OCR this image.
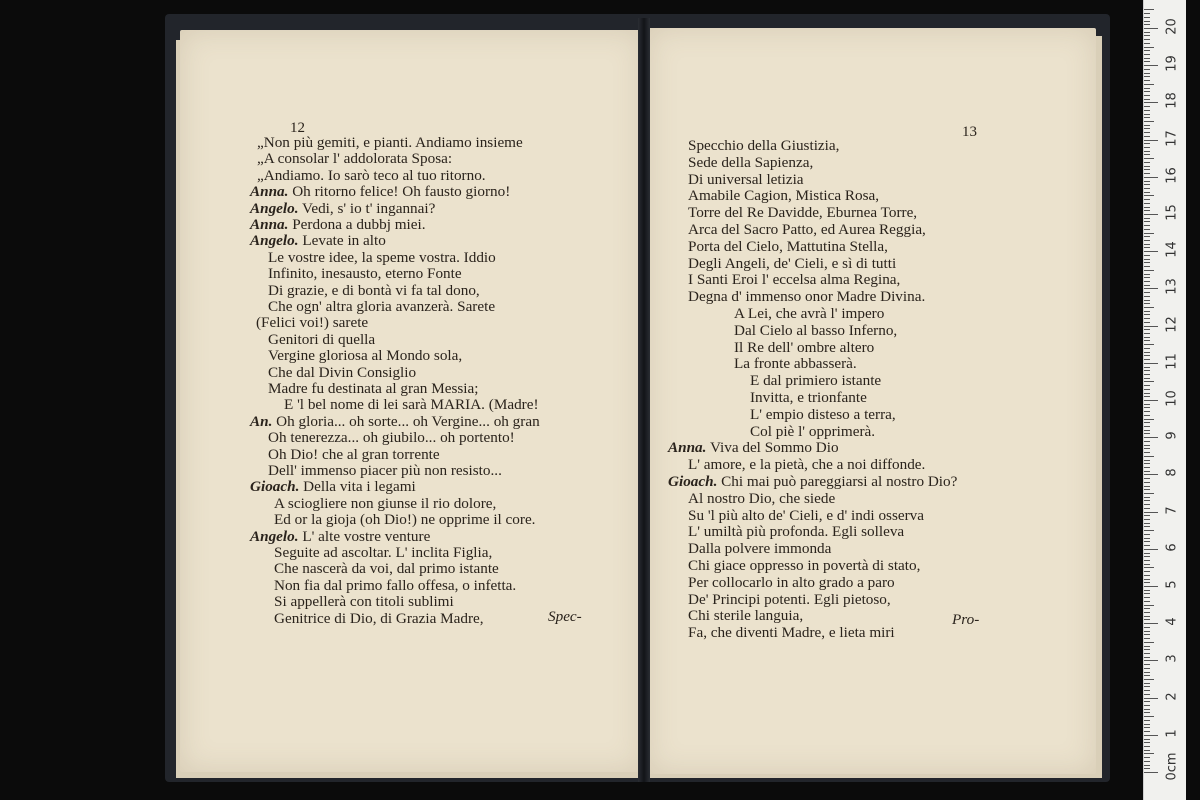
„Non più gemiti, e pianti. Andiamo insieme
„A consolar l' addolorata Sposa:
„Andiamo. Io sarò teco al tuo ritorno.
Anna. Oh ritorno felice! Oh fausto giorno!
Angelo. Vedi, s' io t' ingannai?
Anna. Perdona a dubbj miei.
Angelo. Levate in alto
Le vostre idee, la speme vostra. Iddio
Infinito, inesausto, eterno Fonte
Di grazie, e di bontà vi fa tal dono,
Che ogn' altra gloria avanzerà. Sarete
(Felici voi!) sarete
Genitori di quella
Vergine gloriosa al Mondo sola,
Che dal Divin Consiglio
Madre fu destinata al gran Messia;
E 'l bel nome di lei sarà MARIA. (Madre!
An. Oh gloria... oh sorte... oh Vergine... oh gran
Oh tenerezza... oh giubilo... oh portento!
Oh Dio! che al gran torrente
Dell' immenso piacer più non resisto...
Gioach. Della vita i legami
A sciogliere non giunse il rio dolore,
Ed or la gioja (oh Dio!) ne opprime il core.
Angelo. L' alte vostre venture
Seguite ad ascoltar. L' inclita Figlia,
Che nascerà da voi, dal primo istante
Non fia dal primo fallo offesa, o infetta.
Si appellerà con titoli sublimi
Genitrice di Dio, di Grazia Madre,
Specchio della Giustizia,
Sede della Sapienza,
Di universal letizia
Amabile Cagion, Mistica Rosa,
Torre del Re Davidde, Eburnea Torre,
Arca del Sacro Patto, ed Aurea Reggia,
Porta del Cielo, Mattutina Stella,
Degli Angeli, de' Cieli, e sì di tutti
I Santi Eroi l' eccelsa alma Regina,
Degna d' immenso onor Madre Divina.
A Lei, che avrà l' impero
Dal Cielo al basso Inferno,
Il Re dell' ombre altero
La fronte abbasserà.
E dal primiero istante
Invitta, e trionfante
L' empio distesо a terra,
Col piè l' opprimerà.
Anna. Viva del Sommo Dio
L' amore, e la pietà, che a noi diffonde.
Gioach. Chi mai può pareggiarsi al nostro Dio?
Al nostro Dio, che siede
Su 'l più alto de' Cieli, e d' indi osserva
L' umiltà più profonda. Egli solleva
Dalla polvere immonda
Chi giace oppresso in povertà di stato,
Per collocarlo in alto grado a paro
De' Principi potenti. Egli pietoso,
Chi sterile languia,
Fa, che diventi Madre, e lieta miri
12	13
Spec-	Pro-
0cm
1
2
3
4
5
6
7
8
9
10
11
12
13
14
15
16
17
18
19
20
